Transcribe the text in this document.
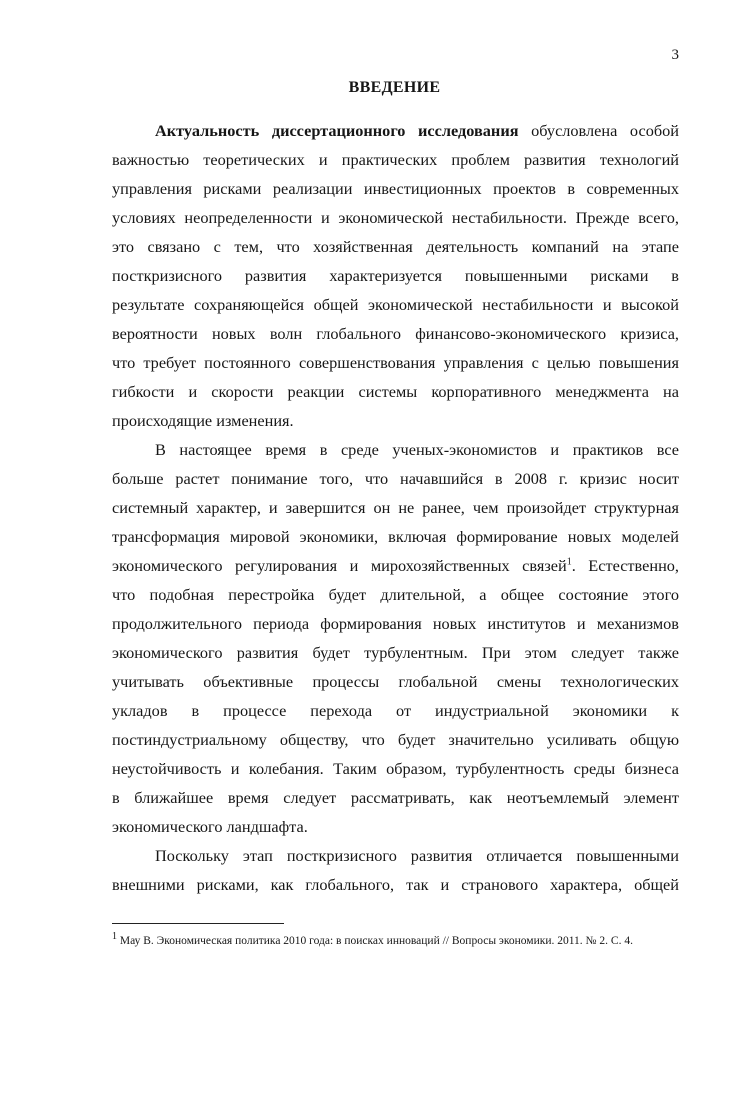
3
ВВЕДЕНИЕ
Актуальность диссертационного исследования обусловлена особой
важностью теоретических и практических проблем развития технологий
управления рисками реализации инвестиционных проектов в современных
условиях неопределенности и экономической нестабильности. Прежде всего,
это связано с тем, что хозяйственная деятельность компаний на этапе
посткризисного развития характеризуется повышенными рисками в
результате сохраняющейся общей экономической нестабильности и высокой
вероятности новых волн глобального финансово-экономического кризиса,
что требует постоянного совершенствования управления с целью повышения
гибкости и скорости реакции системы корпоративного менеджмента на
происходящие изменения.
В настоящее время в среде ученых-экономистов и практиков все
больше растет понимание того, что начавшийся в 2008 г. кризис носит
системный характер, и завершится он не ранее, чем произойдет структурная
трансформация мировой экономики, включая формирование новых моделей
экономического регулирования и мирохозяйственных связей$^1$. Естественно,
что подобная перестройка будет длительной, а общее состояние этого
продолжительного периода формирования новых институтов и механизмов
экономического развития будет турбулентным. При этом следует также
учитывать объективные процессы глобальной смены технологических
укладов в процессе перехода от индустриальной экономики к
постиндустриальному обществу, что будет значительно усиливать общую
неустойчивость и колебания. Таким образом, турбулентность среды бизнеса
в ближайшее время следует рассматривать, как неотъемлемый элемент
экономического ландшафта.
Поскольку этап посткризисного развития отличается повышенными
внешними рисками, как глобального, так и странового характера, общей
$^1$ Мау В. Экономическая политика 2010 года: в поисках инноваций // Вопросы экономики. 2011. № 2. С. 4.
